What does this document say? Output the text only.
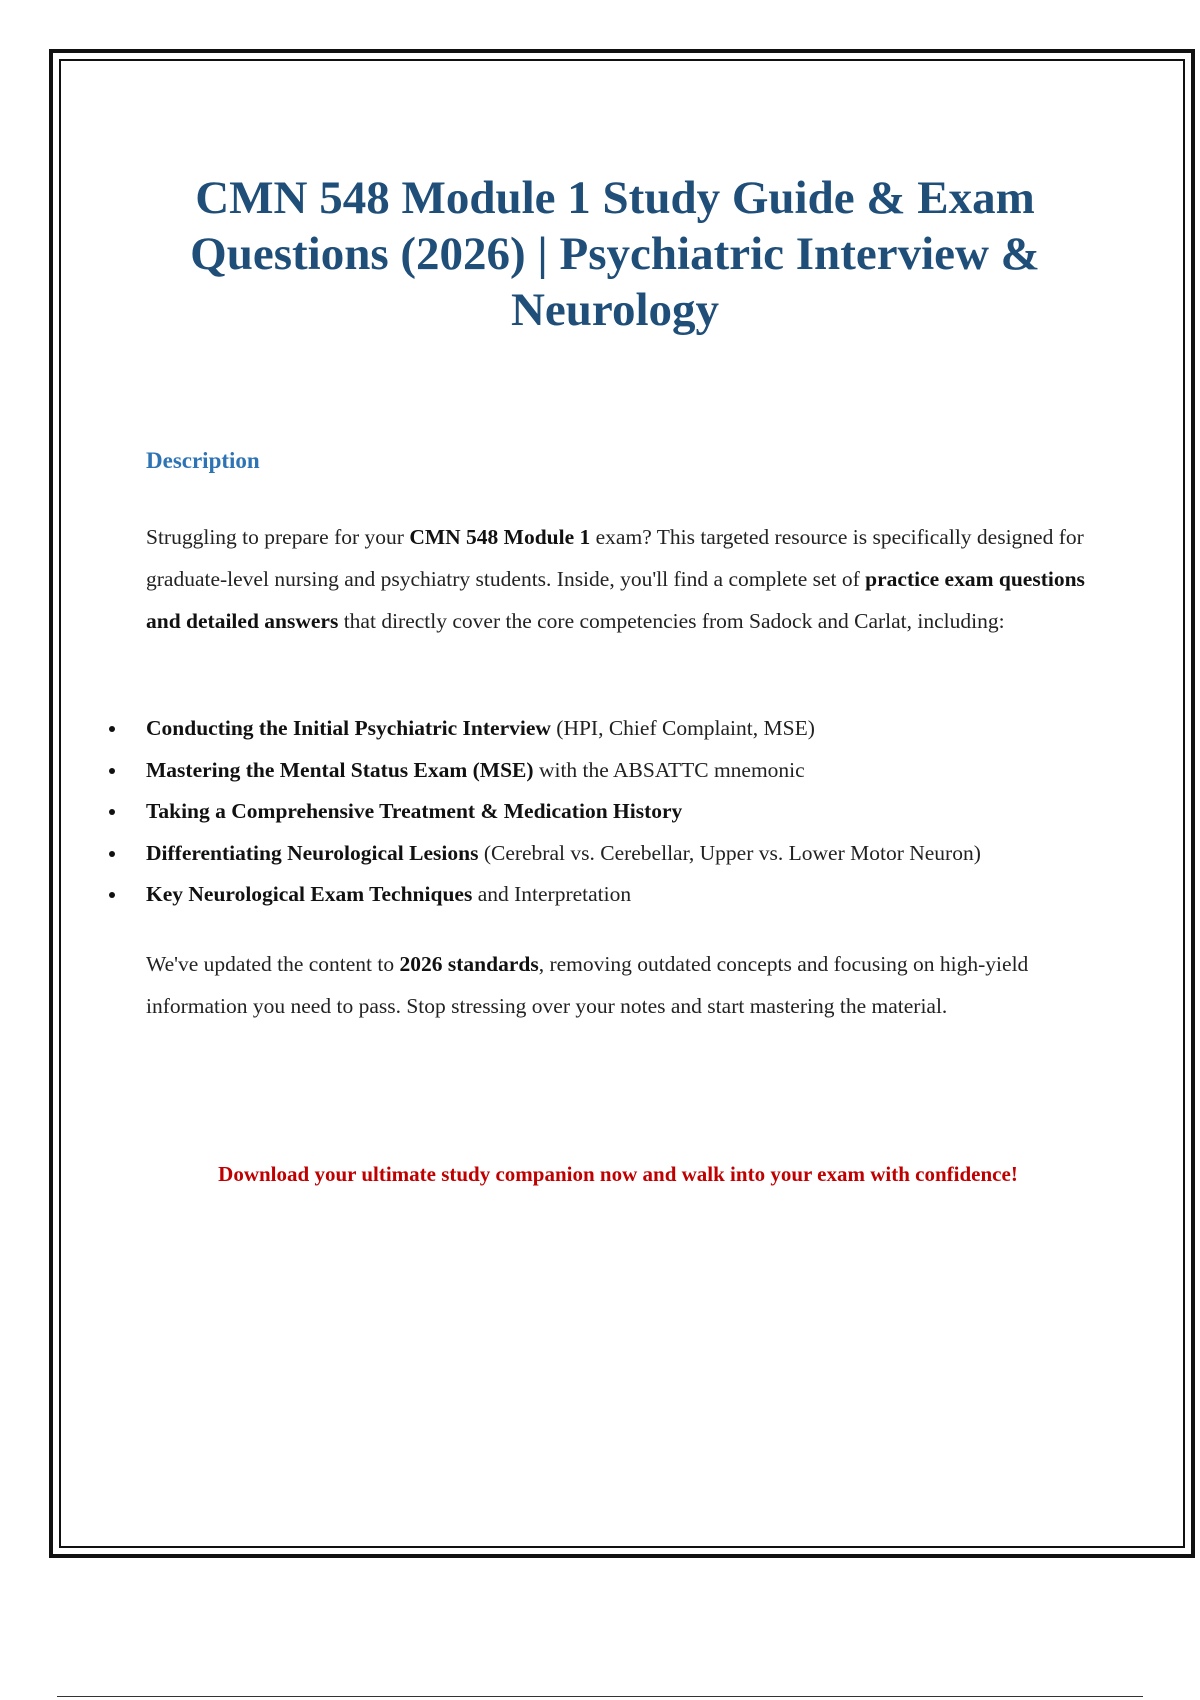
CMN 548 Module 1 Study Guide & Exam Questions (2026) | Psychiatric Interview & Neurology
Description

Struggling to prepare for your CMN 548 Module 1 exam? This targeted resource is specifically designed for graduate-level nursing and psychiatry students. Inside, you'll find a complete set of practice exam questions and detailed answers that directly cover the core competencies from Sadock and Carlat, including:

Conducting the Initial Psychiatric Interview (HPI, Chief Complaint, MSE)
Mastering the Mental Status Exam (MSE) with the ABSATTC mnemonic
Taking a Comprehensive Treatment & Medication History
Differentiating Neurological Lesions (Cerebral vs. Cerebellar, Upper vs. Lower Motor Neuron)
Key Neurological Exam Techniques and Interpretation

We've updated the content to 2026 standards, removing outdated concepts and focusing on high-yield information you need to pass. Stop stressing over your notes and start mastering the material.

Download your ultimate study companion now and walk into your exam with confidence!
